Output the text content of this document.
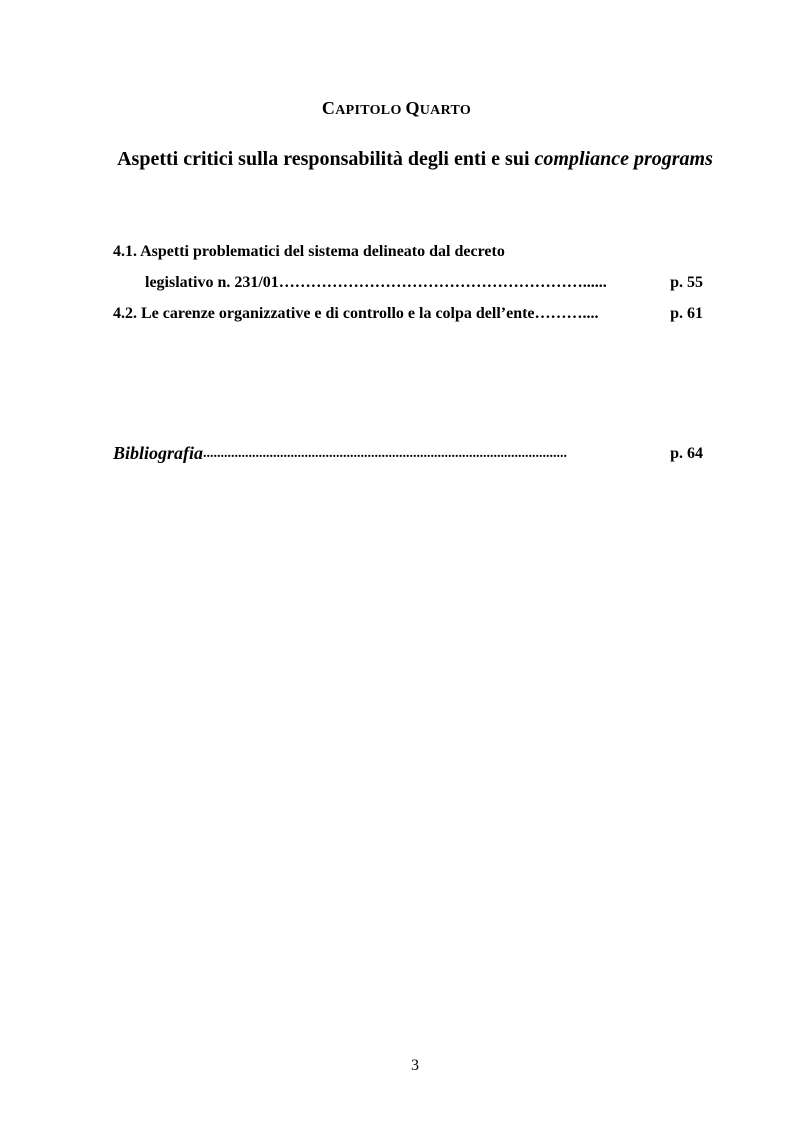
CAPITOLO QUARTO
Aspetti critici sulla responsabilità degli enti e sui compliance programs
4.1. Aspetti problematici del sistema delineato dal decreto
legislativo n. 231/01 …………………………………………………......	p. 55
4.2. Le carenze organizzative e di controllo e la colpa dell’ente ………....	p. 61
Bibliografia ........................................................................................................	p. 64
3
